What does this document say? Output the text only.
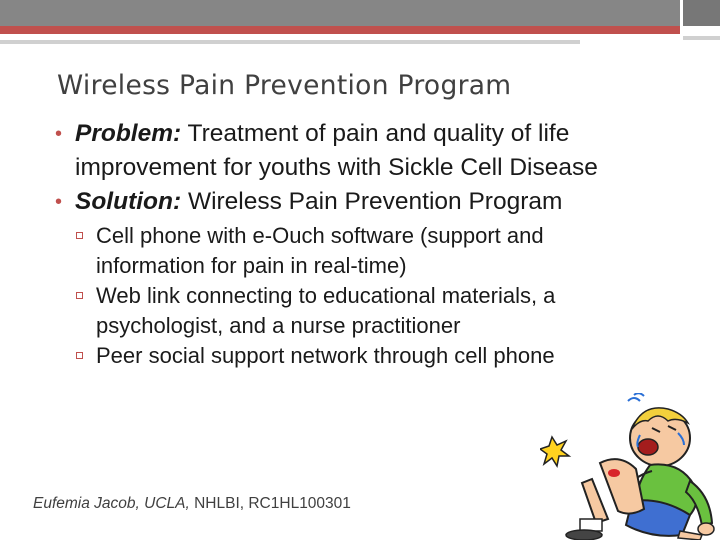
Wireless Pain Prevention Program
• Problem: Treatment of pain and quality of life improvement for youths with Sickle Cell Disease
• Solution: Wireless Pain Prevention Program
Cell phone with e-Ouch software (support and information for pain in real-time)
Web link connecting to educational materials, a psychologist, and a nurse practitioner
Peer social support network through cell phone
Eufemia Jacob, UCLA, NHLBI, RC1HL100301
